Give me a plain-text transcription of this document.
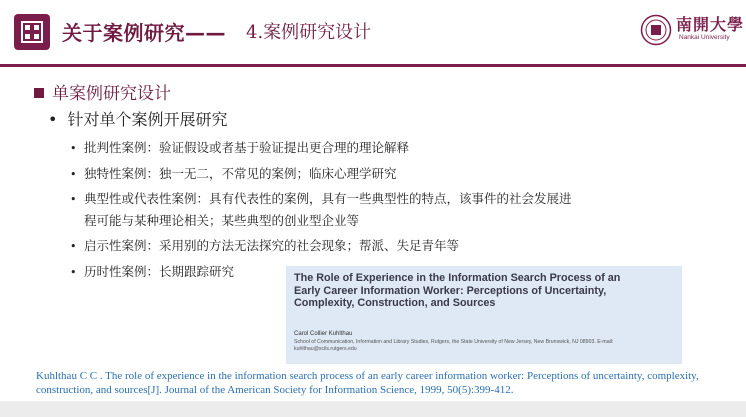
关于案例研究—— 4.案例研究设计	南開大學
Nankai University
单案例研究设计
• 针对单个案例开展研究
• 批判性案例：验证假设或者基于验证提出更合理的理论解释
• 独特性案例：独一无二，不常见的案例；临床心理学研究
• 典型性或代表性案例：具有代表性的案例，具有一些典型性的特点，该事件的社会发展进
程可能与某种理论相关；某些典型的创业型企业等
• 启示性案例：采用别的方法无法探究的社会现象；帮派、失足青年等
• 历时性案例：长期跟踪研究	The Role of Experience in the Information Search Process of an Early Career Information Worker: Perceptions of Uncertainty, Complexity, Construction, and Sources
Carol Collier Kuhlthau
School of Communication, Information and Library Studies, Rutgers, the State University of New Jersey, New Brunswick, NJ 08903. E-mail: kuhlthau@scils.rutgers.edu
Kuhlthau C C . The role of experience in the information search process of an early career information worker: Perceptions of uncertainty, complexity, construction, and sources[J]. Journal of the American Society for Information Science, 1999, 50(5):399-412.
